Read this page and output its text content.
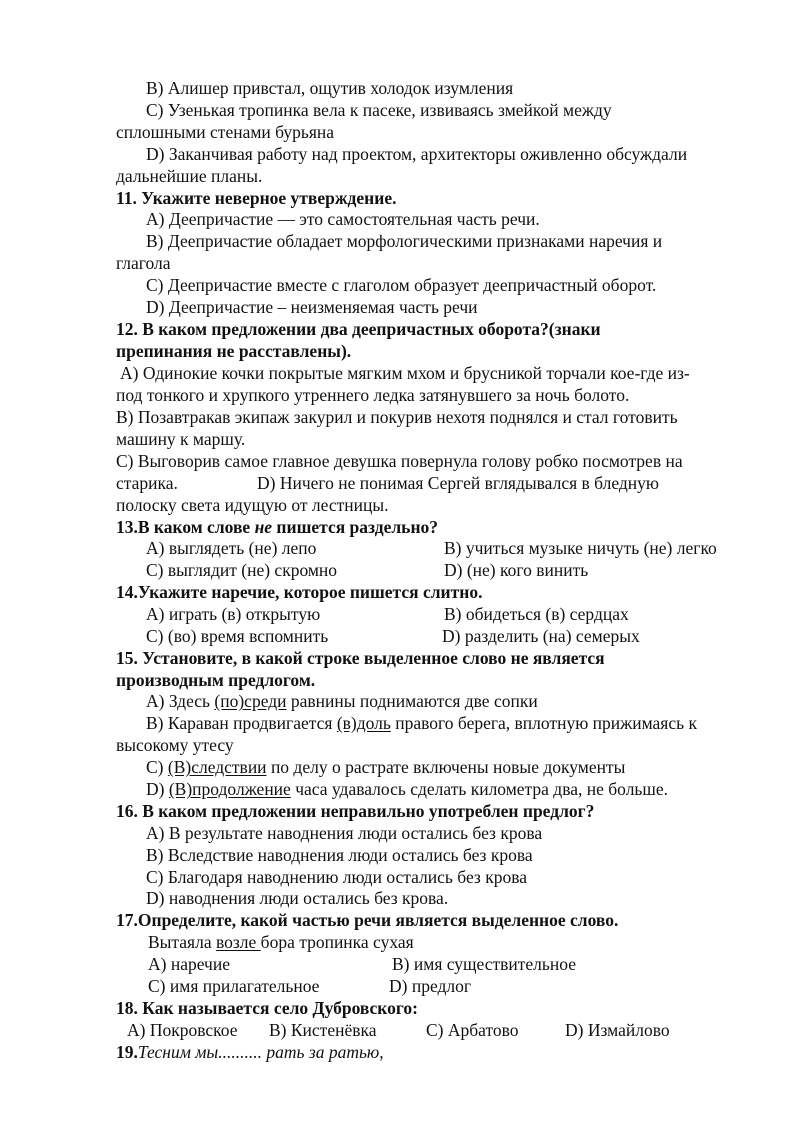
B) Алишер привстал, ощутив холодок изумления
C) Узенькая тропинка вела к пасеке, извиваясь змейкой между
сплошными стенами бурьяна
D) Заканчивая работу над проектом, архитекторы оживленно обсуждали
дальнейшие планы.
11. Укажите неверное утверждение.
A) Деепричастие — это самостоятельная часть речи.
B) Деепричастие обладает морфологическими признаками наречия и
глагола
C) Деепричастие вместе с глаголом образует деепричастный оборот.
D) Деепричастие – неизменяемая часть речи
12. В каком предложении два деепричастных оборота?(знаки
препинания не расставлены).
A) Одинокие кочки покрытые мягким мхом и брусникой торчали кое-где из-
под тонкого и хрупкого утреннего ледка затянувшего за ночь болото.
B) Позавтракав экипаж закурил и покурив нехотя поднялся и стал готовить
машину к маршу.
C) Выговорив самое главное девушка повернула голову робко посмотрев на
старика.	D) Ничего не понимая Сергей вглядывался в бледную
полоску света идущую от лестницы.
13.В каком слове не пишется раздельно?
A) выглядеть (не) лепо	B) учиться музыке ничуть (не) легко
C) выглядит (не) скромно	D) (не) кого винить
14.Укажите наречие, которое пишется слитно.
A) играть (в) открытую	B) обидеться (в) сердцах
C) (во) время вспомнить	D) разделить (на) семерых
15. Установите, в какой строке выделенное слово не является
производным предлогом.
A) Здесь (по)среди равнины поднимаются две сопки
B) Караван продвигается (в)доль правого берега, вплотную прижимаясь к
высокому утесу
C) (В)следствии по делу о растрате включены новые документы
D) (В)продолжение часа удавалось сделать километра два, не больше.
16. В каком предложении неправильно употреблен предлог?
A) В результате наводнения люди остались без крова
B) Вследствие наводнения люди остались без крова
C) Благодаря наводнению люди остались без крова
D) наводнения люди остались без крова.
17.Определите, какой частью речи является выделенное слово.
Вытаяла возле бора тропинка сухая
A) наречие	B) имя существительное
C) имя прилагательное	D) предлог
18. Как называется село Дубровского:
A) Покровское B) Кистенёвка	C) Арбатово	D) Измайлово
19.Тесним мы.......... рать за ратью,
